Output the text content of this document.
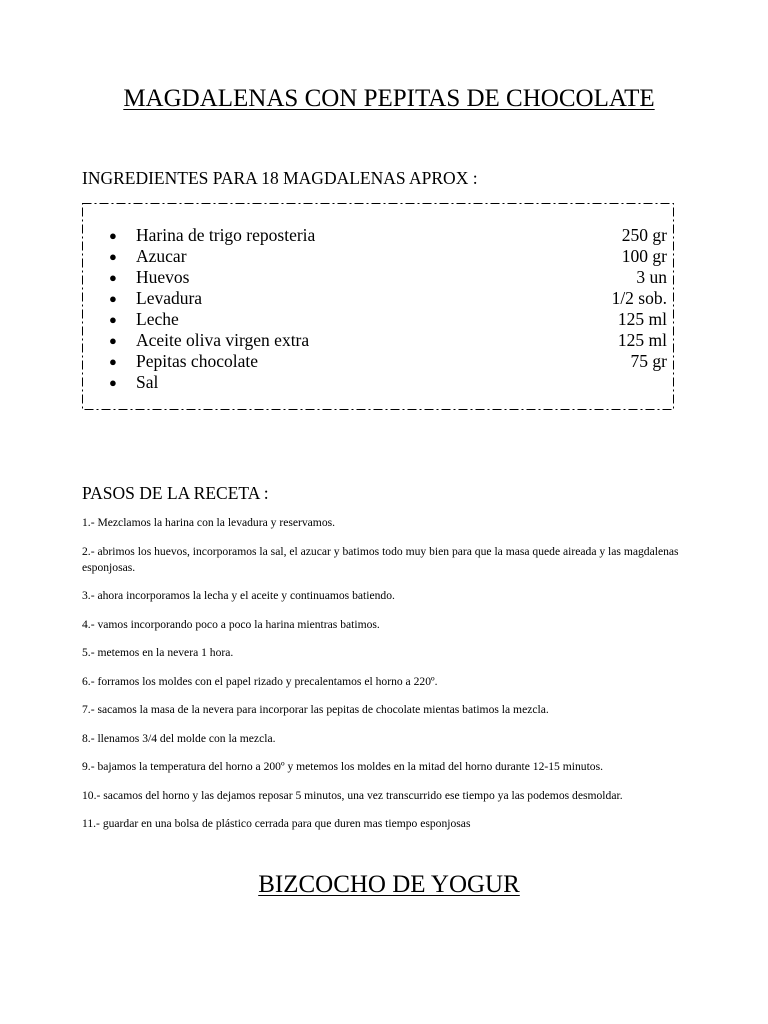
MAGDALENAS CON PEPITAS DE CHOCOLATE
INGREDIENTES PARA 18 MAGDALENAS APROX :
●	Harina de trigo reposteria	250 gr
●	Azucar	100 gr
●	Huevos	3 un
●	Levadura	1/2 sob.
●	Leche	125 ml
●	Aceite oliva virgen extra	125 ml
●	Pepitas chocolate	75 gr
●	Sal
PASOS DE LA RECETA :

1.- Mezclamos la harina con la levadura y reservamos.

2.- abrimos los huevos, incorporamos la sal, el azucar y batimos todo muy bien para que la masa quede aireada y las magdalenas esponjosas.

3.- ahora incorporamos la lecha y el aceite y continuamos batiendo.

4.- vamos incorporando poco a poco la harina mientras batimos.

5.- metemos en la nevera 1 hora.

6.- forramos los moldes con el papel rizado y precalentamos el horno a 220º.

7.- sacamos la masa de la nevera para incorporar las pepitas de chocolate mientas batimos la mezcla.

8.- llenamos 3/4 del molde con la mezcla.

9.- bajamos la temperatura del horno a 200º y metemos los moldes en la mitad del horno durante 12-15 minutos.

10.- sacamos del horno y las dejamos reposar 5 minutos, una vez transcurrido ese tiempo ya las podemos desmoldar.

11.- guardar en una bolsa de plástico cerrada para que duren mas tiempo esponjosas

BIZCOCHO DE YOGUR
